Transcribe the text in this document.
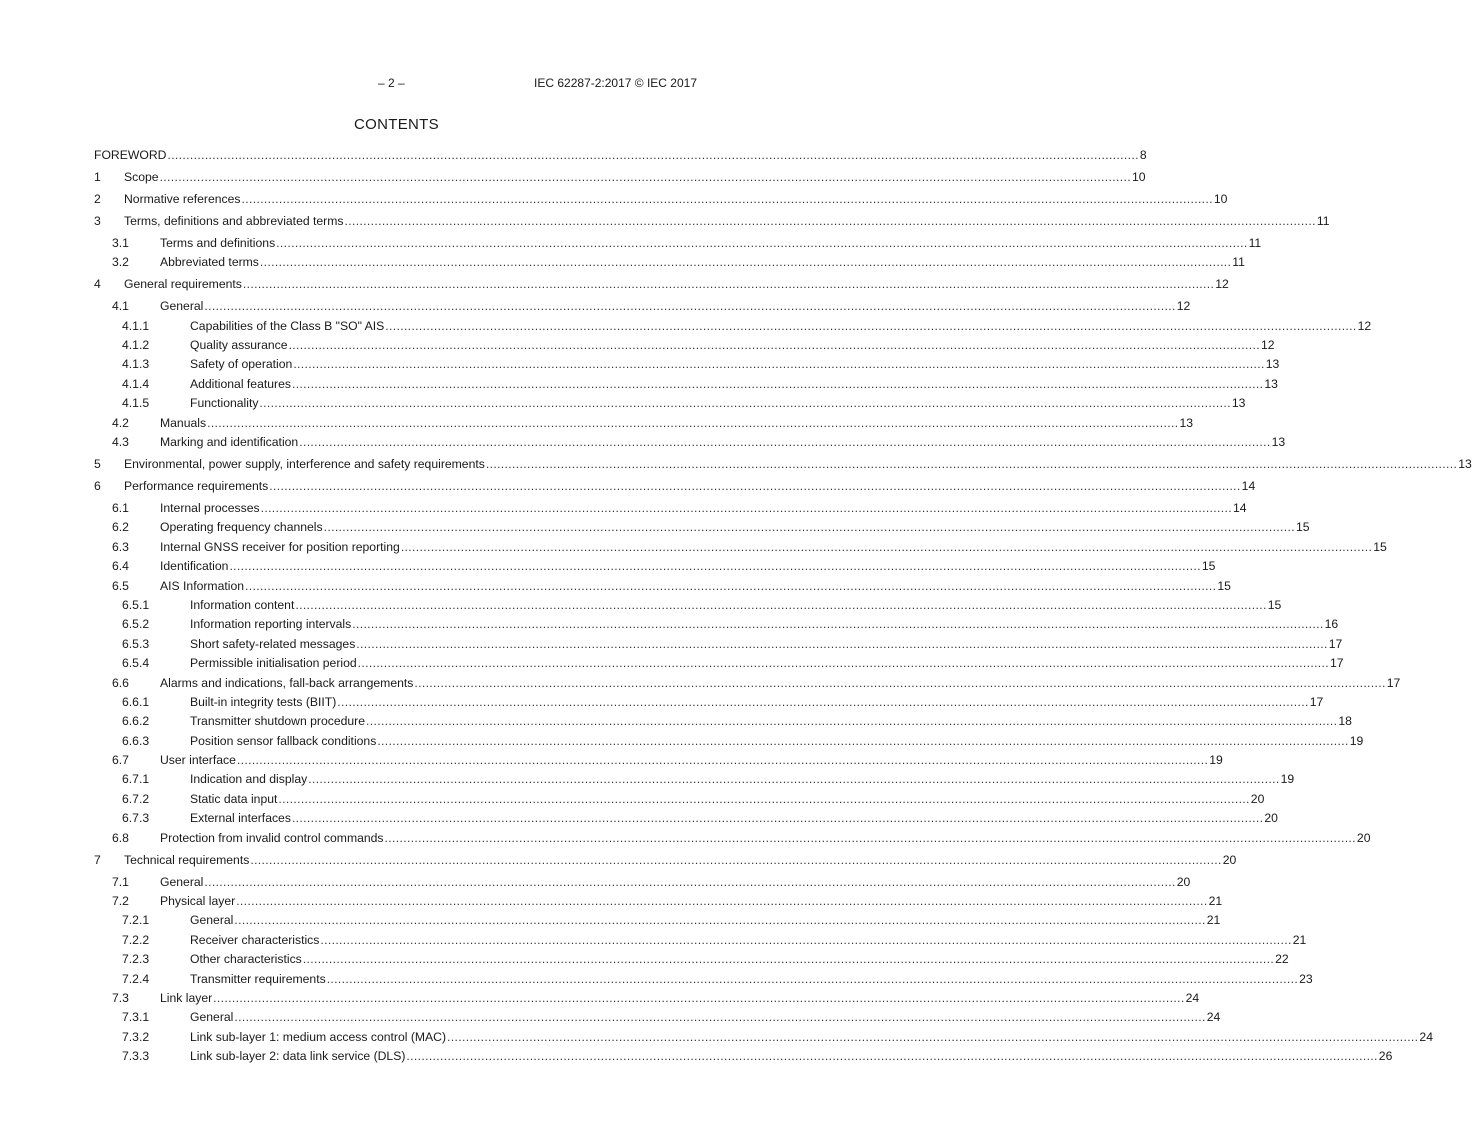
– 2 –	IEC 62287-2:2017 © IEC 2017
CONTENTS
FOREWORD .................................................................................................................................................................................................................................................................... 8
1 Scope .................................................................................................................................................................................................................................................................... 10
2 Normative references .................................................................................................................................................................................................................................................................... 10
3 Terms, definitions and abbreviated terms .................................................................................................................................................................................................................................................................... 11
3.1	Terms and definitions .................................................................................................................................................................................................................................................................... 11
3.2	Abbreviated terms .................................................................................................................................................................................................................................................................... 11
4 General requirements .................................................................................................................................................................................................................................................................... 12
4.1	General .................................................................................................................................................................................................................................................................... 12
4.1.1	Capabilities of the Class B "SO" AIS .................................................................................................................................................................................................................................................................... 12
4.1.2	Quality assurance .................................................................................................................................................................................................................................................................... 12
4.1.3	Safety of operation .................................................................................................................................................................................................................................................................... 13
4.1.4	Additional features .................................................................................................................................................................................................................................................................... 13
4.1.5	Functionality .................................................................................................................................................................................................................................................................... 13
4.2	Manuals .................................................................................................................................................................................................................................................................... 13
4.3	Marking and identification .................................................................................................................................................................................................................................................................... 13
5 Environmental, power supply, interference and safety requirements .................................................................................................................................................................................................................................................................... 13
6 Performance requirements .................................................................................................................................................................................................................................................................... 14
6.1	Internal processes .................................................................................................................................................................................................................................................................... 14
6.2	Operating frequency channels .................................................................................................................................................................................................................................................................... 15
6.3	Internal GNSS receiver for position reporting .................................................................................................................................................................................................................................................................... 15
6.4	Identification .................................................................................................................................................................................................................................................................... 15
6.5	AIS Information .................................................................................................................................................................................................................................................................... 15
6.5.1	Information content .................................................................................................................................................................................................................................................................... 15
6.5.2	Information reporting intervals .................................................................................................................................................................................................................................................................... 16
6.5.3	Short safety-related messages .................................................................................................................................................................................................................................................................... 17
6.5.4	Permissible initialisation period .................................................................................................................................................................................................................................................................... 17
6.6	Alarms and indications, fall-back arrangements .................................................................................................................................................................................................................................................................... 17
6.6.1	Built-in integrity tests (BIIT) .................................................................................................................................................................................................................................................................... 17
6.6.2	Transmitter shutdown procedure .................................................................................................................................................................................................................................................................... 18
6.6.3	Position sensor fallback conditions .................................................................................................................................................................................................................................................................... 19
6.7	User interface .................................................................................................................................................................................................................................................................... 19
6.7.1	Indication and display .................................................................................................................................................................................................................................................................... 19
6.7.2	Static data input .................................................................................................................................................................................................................................................................... 20
6.7.3	External interfaces .................................................................................................................................................................................................................................................................... 20
6.8	Protection from invalid control commands .................................................................................................................................................................................................................................................................... 20
7 Technical requirements .................................................................................................................................................................................................................................................................... 20
7.1	General .................................................................................................................................................................................................................................................................... 20
7.2	Physical layer .................................................................................................................................................................................................................................................................... 21
7.2.1	General .................................................................................................................................................................................................................................................................... 21
7.2.2	Receiver characteristics .................................................................................................................................................................................................................................................................... 21
7.2.3	Other characteristics .................................................................................................................................................................................................................................................................... 22
7.2.4	Transmitter requirements .................................................................................................................................................................................................................................................................... 23
7.3	Link layer .................................................................................................................................................................................................................................................................... 24
7.3.1	General .................................................................................................................................................................................................................................................................... 24
7.3.2	Link sub-layer 1: medium access control (MAC) .................................................................................................................................................................................................................................................................... 24
7.3.3	Link sub-layer 2: data link service (DLS) .................................................................................................................................................................................................................................................................... 26
